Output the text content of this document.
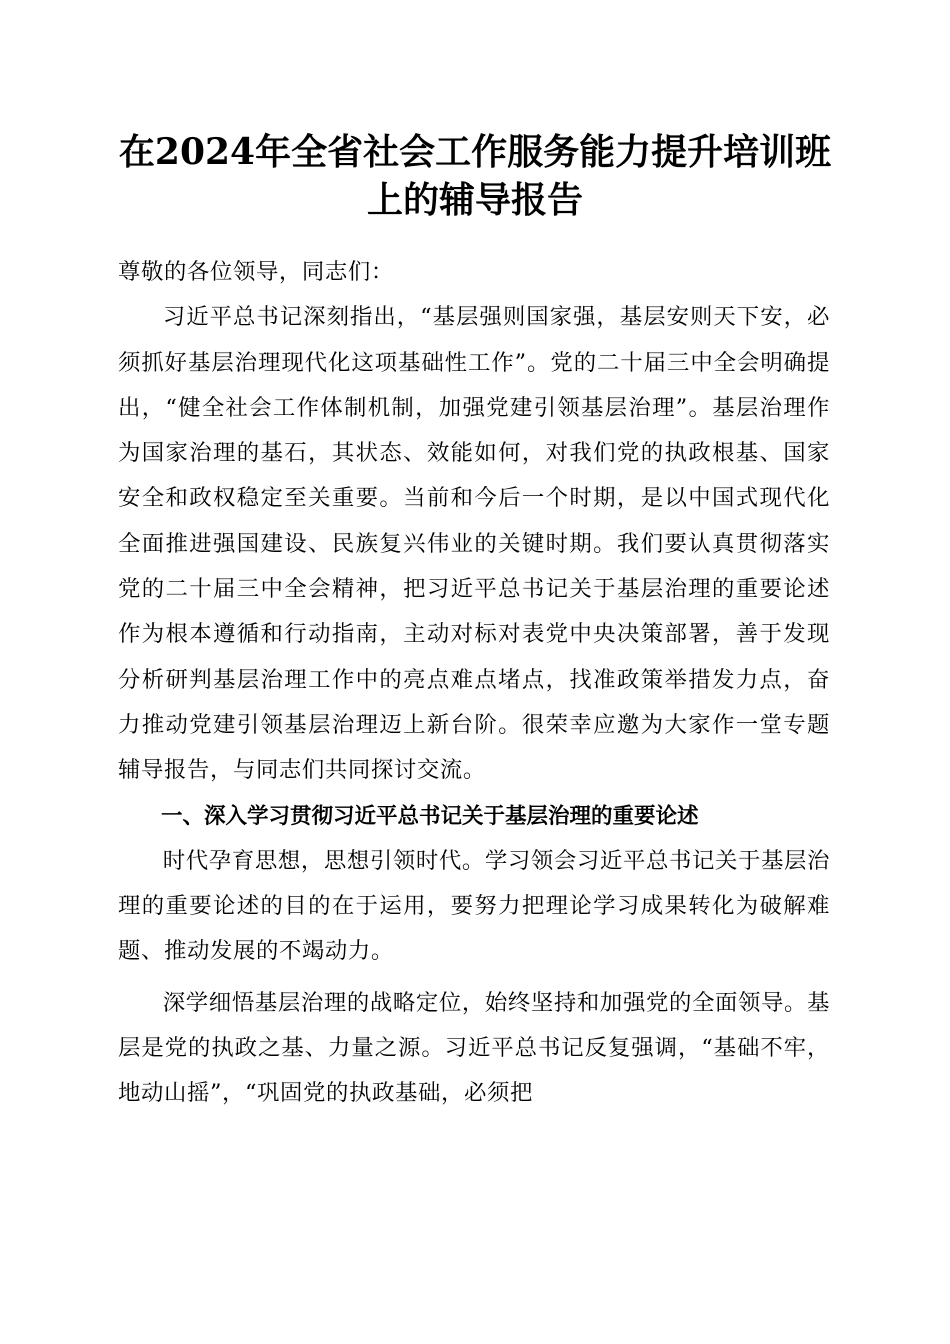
在2024年全省社会工作服务能力提升培训班
上的辅导报告

尊敬的各位领导，同志们：

习近平总书记深刻指出，“基层强则国家强，基层安则天下安，必须抓好基层治理现代化这项基础性工作”。党的二十届三中全会明确提出，“健全社会工作体制机制，加强党建引领基层治理”。基层治理作为国家治理的基石，其状态、效能如何，对我们党的执政根基、国家安全和政权稳定至关重要。当前和今后一个时期，是以中国式现代化全面推进强国建设、民族复兴伟业的关键时期。我们要认真贯彻落实党的二十届三中全会精神，把习近平总书记关于基层治理的重要论述作为根本遵循和行动指南，主动对标对表党中央决策部署，善于发现分析研判基层治理工作中的亮点难点堵点，找准政策举措发力点，奋力推动党建引领基层治理迈上新台阶。很荣幸应邀为大家作一堂专题辅导报告，与同志们共同探讨交流。

一、深入学习贯彻习近平总书记关于基层治理的重要论述

时代孕育思想，思想引领时代。学习领会习近平总书记关于基层治理的重要论述的目的在于运用，要努力把理论学习成果转化为破解难题、推动发展的不竭动力。

深学细悟基层治理的战略定位，始终坚持和加强党的全面领导。基层是党的执政之基、力量之源。习近平总书记反复强调，“基础不牢，地动山摇”，“巩固党的执政基础，必须把
